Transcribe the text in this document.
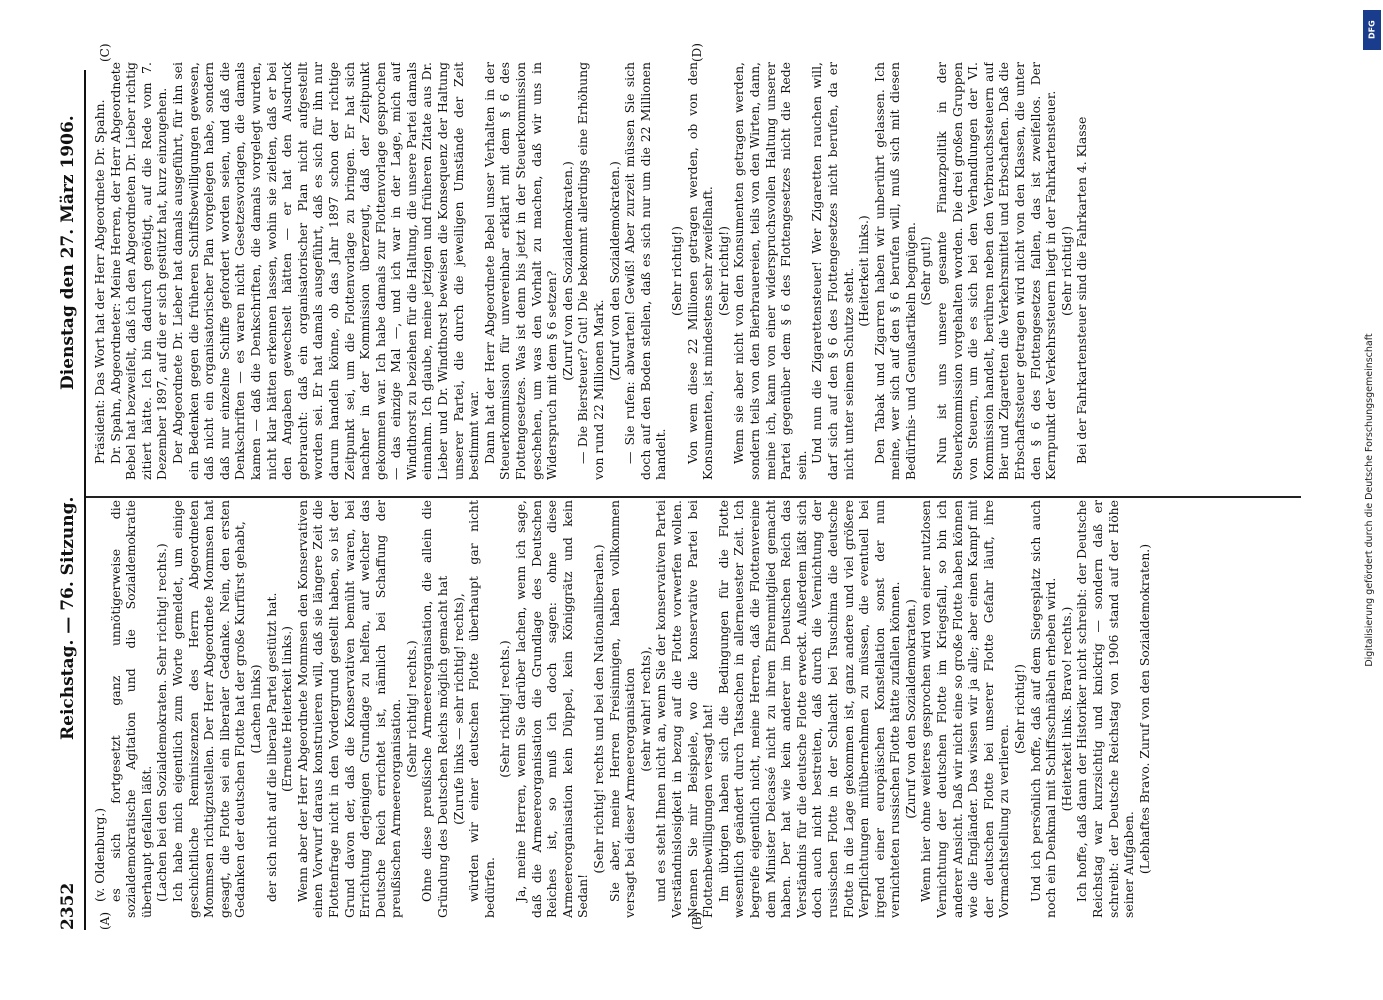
2352
Reichstag. — 76. Sitzung.
Dienstag den 27. März 1906.
(A)	(B)
(C)	(D)

(v. Oldenburg.) es sich fortgesetzt ganz unnötigerweise die sozialdemokratische Agitation und die Sozialdemokratie überhaupt gefallen läßt. (Lachen bei den Sozialdemokraten. Sehr richtig! rechts.) Ich habe mich eigentlich zum Worte gemeldet, um einige geschichtliche Reminiszenzen des Herrn Abgeordneten Mommsen richtigzustellen. Der Herr Abgeordnete Mommsen hat gesagt, die Flotte sei ein liberaler Gedanke. Nein, den ersten Gedanken der deutschen Flotte hat der große Kurfürst gehabt, (Lachen links) der sich nicht auf die liberale Partei gestützt hat. (Erneute Heiterkeit links.) Wenn aber der Herr Abgeordnete Mommsen den Konservativen einen Vorwurf daraus konstruieren will, daß sie längere Zeit die Flottenfrage nicht in den Vordergrund gestellt haben, so ist der Grund davon der, daß die Konservativen bemüht waren, bei Errichtung derjenigen Grundlage zu helfen, auf welcher das Deutsche Reich errichtet ist, nämlich bei Schaffung der preußischen Armeereorganisation. (Sehr richtig! rechts.) Ohne diese preußische Armeereorganisation, die allein die Gründung des Deutschen Reichs möglich gemacht hat (Zurufe links — sehr richtig! rechts), würden wir einer deutschen Flotte überhaupt gar nicht bedürfen.

(Sehr richtig! rechts.) Ja, meine Herren, wenn Sie darüber lachen, wenn ich sage, daß die Armeereorganisation die Grundlage des Deutschen Reiches ist, so muß ich doch sagen: ohne diese Armeereorganisation kein Düppel, kein Königgrätz und kein Sedan!

(Sehr richtig! rechts und bei den Nationalliberalen.) Sie aber, meine Herren Freisinnigen, haben vollkommen versagt bei dieser Armeereorganisation (sehr wahr! rechts), und es steht Ihnen nicht an, wenn Sie der konservativen Partei Verständnislosigkeit in bezug auf die Flotte vorwerfen wollen. Nennen Sie mir Beispiele, wo die konservative Partei bei Flottenbewilligungen versagt hat! Im übrigen haben sich die Bedingungen für die Flotte wesentlich geändert durch Tatsachen in allerneuester Zeit. Ich begreife eigentlich nicht, meine Herren, daß die Flottenvereine dem Minister Delcassé nicht zu ihrem Ehrenmitglied gemacht haben. Der hat wie kein anderer im Deutschen Reich das Verständnis für die deutsche Flotte erweckt. Außerdem läßt sich doch auch nicht bestreiten, daß durch die Vernichtung der russischen Flotte in der Schlacht bei Tsuschima die deutsche Flotte in die Lage gekommen ist, ganz andere und viel größere Verpflichtungen mitübernehmen zu müssen, die eventuell bei irgend einer europäischen Konstellation sonst der nun vernichteten russischen Flotte hätte zufallen können. (Zuruf von den Sozialdemokraten.) Wenn hier ohne weiteres gesprochen wird von einer nutzlosen Vernichtung der deutschen Flotte im Kriegsfall, so bin ich anderer Ansicht. Daß wir nicht eine so große Flotte haben können wie die Engländer. Das wissen wir ja alle; aber einen Kampf mit der deutschen Flotte bei unserer Flotte Gefahr läuft, ihre Vormachtstellung zu verlieren.

(Sehr richtig!) Und ich persönlich hoffe, daß auf dem Siegesplatz sich auch noch ein Denkmal mit Schiffsschnäbeln erheben wird. (Heiterkeit links. Bravo! rechts.) Ich hoffe, daß dann der Historiker nicht schreibt: der Deutsche Reichstag war kurzsichtig und knickrig — sondern daß er schreibt: der Deutsche Reichstag von 1906 stand auf der Höhe seiner Aufgaben. (Lebhaftes Bravo. Zuruf von den Sozialdemokraten.)

Präsident: Das Wort hat der Herr Abgeordnete Dr. Spahn. Dr. Spahn, Abgeordneter: Meine Herren, der Herr Abgeordnete Bebel hat bezweifelt, daß ich den Abgeordneten Dr. Lieber richtig zitiert hätte. Ich bin dadurch genötigt, auf die Rede vom 7. Dezember 1897, auf die er sich gestützt hat, kurz einzugehen. Der Abgeordnete Dr. Lieber hat damals ausgeführt, für ihn sei ein Bedenken gegen die früheren Schiffsbewilligungen gewesen, daß nicht ein organisatorischer Plan vorgelegen habe, sondern daß nur einzelne Schiffe gefordert worden seien, und daß die Denkschriften — es waren nicht Gesetzesvorlagen, die damals kamen — daß die Denkschriften, die damals vorgelegt wurden, nicht klar hätten erkennen lassen, wohin sie zielten, daß er bei den Angaben gewechselt hätten — er hat den Ausdruck gebraucht: daß ein organisatorischer Plan nicht aufgestellt worden sei. Er hat damals ausgeführt, daß es sich für ihn nur darum handeln könne, ob das Jahr 1897 schon der richtige Zeitpunkt sei, um die Flottenvorlage zu bringen. Er hat sich nachher in der Kommission überzeugt, daß der Zeitpunkt gekommen war. Ich habe damals zur Flottenvorlage gesprochen — das einzige Mal —, und ich war in der Lage, mich auf Windthorst zu beziehen für die Haltung, die unsere Partei damals einnahm. Ich glaube, meine jetzigen und früheren Zitate aus Dr. Lieber und Dr. Windthorst beweisen die Konsequenz der Haltung unserer Partei, die durch die jeweiligen Umstände der Zeit bestimmt war. Dann hat der Herr Abgeordnete Bebel unser Verhalten in der Steuerkommission für unvereinbar erklärt mit dem § 6 des Flottengesetzes. Was ist denn bis jetzt in der Steuerkommission geschehen, um was den Vorhalt zu machen, daß wir uns in Widerspruch mit dem § 6 setzen? (Zuruf von den Sozialdemokraten.) — Die Biersteuer? Gut! Die bekommt allerdings eine Erhöhung von rund 22 Millionen Mark.

(Zuruf von den Sozialdemokraten.) — Sie rufen: abwarten! Gewiß! Aber zurzeit müssen Sie sich doch auf den Boden stellen, daß es sich nur um die 22 Millionen handelt.

(Sehr richtig!) Von wem diese 22 Millionen getragen werden, ob von den Konsumenten, ist mindestens sehr zweifelhaft. (Sehr richtig!) Wenn sie aber nicht von den Konsumenten getragen werden, sondern teils von den Bierbrauereien, teils von den Wirten, dann, meine ich, kann von einer widerspruchsvollen Haltung unserer Partei gegenüber dem § 6 des Flottengesetzes nicht die Rede sein.

Und nun die Zigarettensteuer! Wer Zigaretten rauchen will, darf sich auf den § 6 des Flottengesetzes nicht berufen, da er nicht unter seinem Schutze steht. (Heiterkeit links.) Den Tabak und Zigarren haben wir unberührt gelassen. Ich meine, wer sich auf den § 6 berufen will, muß sich mit diesen Bedürfnis- und Genußartikeln begnügen. (Sehr gut!) Nun ist uns unsere gesamte Finanzpolitik in der Steuerkommission vorgehalten worden. Die drei großen Gruppen von Steuern, um die es sich bei den Verhandlungen der VI. Kommission handelt, berühren neben den Verbrauchssteuern auf Bier und Zigaretten die Verkehrsmittel und Erbschaften. Daß die Erbschaftssteuer getragen wird nicht von den Klassen, die unter den § 6 des Flottengesetzes fallen, das ist zweifellos. Der Kernpunkt der Verkehrssteuern liegt in der Fahrkartensteuer. (Sehr richtig!) Bei der Fahrkartensteuer sind die Fahrkarten 4. Klasse

DFG
Digitalisierung gefördert durch die Deutsche Forschungsgemeinschaft
